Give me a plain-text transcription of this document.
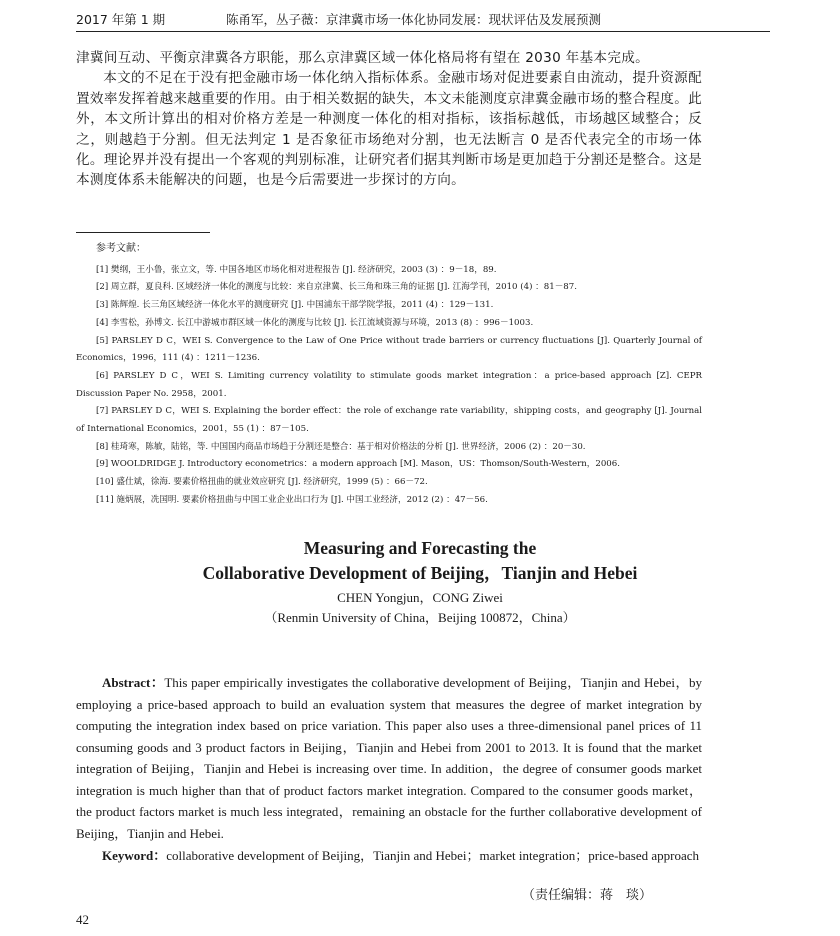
2017 年第 1 期	陈甬军，丛子薇：京津冀市场一体化协同发展：现状评估及发展预测

津冀间互动、平衡京津冀各方职能，那么京津冀区域一体化格局将有望在 2030 年基本完成。

本文的不足在于没有把金融市场一体化纳入指标体系。金融市场对促进要素自由流动，提升资源配置效率发挥着越来越重要的作用。由于相关数据的缺失，本文未能测度京津冀金融市场的整合程度。此外，本文所计算出的相对价格方差是一种测度一体化的相对指标，该指标越低，市场越区域整合；反之，则越趋于分割。但无法判定 1 是否象征市场绝对分割，也无法断言 0 是否代表完全的市场一体化。理论界并没有提出一个客观的判别标准，让研究者们据其判断市场是更加趋于分割还是整合。这是本测度体系未能解决的问题，也是今后需要进一步探讨的方向。

参考文献：

[1] 樊纲，王小鲁，张立文，等. 中国各地区市场化相对进程报告 [J]. 经济研究，2003 (3) ：9－18，89.

[2] 周立群，夏良科. 区域经济一体化的测度与比较：来自京津冀、长三角和珠三角的证据 [J]. 江海学刊，2010 (4) ：81－87.

[3] 陈辉煌. 长三角区域经济一体化水平的测度研究 [J]. 中国浦东干部学院学报，2011 (4) ：129－131.

[4] 李雪松，孙博文. 长江中游城市群区域一体化的测度与比较 [J]. 长江流域资源与环境，2013 (8) ：996－1003.

[5] PARSLEY D C，WEI S. Convergence to the Law of One Price without trade barriers or currency fluctuations [J]. Quarterly Journal of Economics，1996，111 (4) ：1211－1236.

[6] PARSLEY D C，WEI S. Limiting currency volatility to stimulate goods market integration：a price-based approach [Z]. CEPR Discussion Paper No. 2958，2001.

[7] PARSLEY D C，WEI S. Explaining the border effect：the role of exchange rate variability，shipping costs，and geography [J]. Journal of International Economics，2001，55 (1) ：87－105.

[8] 桂琦寒，陈敏，陆铭，等. 中国国内商品市场趋于分割还是整合：基于相对价格法的分析 [J]. 世界经济，2006 (2) ：20－30.

[9] WOOLDRIDGE J. Introductory econometrics：a modern approach [M]. Mason，US：Thomson/South-Western，2006.

[10] 盛仕斌，徐海. 要素价格扭曲的就业效应研究 [J]. 经济研究，1999 (5) ：66－72.

[11] 施炳展，冼国明. 要素价格扭曲与中国工业企业出口行为 [J]. 中国工业经济，2012 (2) ：47－56.

Measuring and Forecasting the
Collaborative Development of Beijing，Tianjin and Hebei
CHEN Yongjun，CONG Ziwei
（Renmin University of China，Beijing 100872，China）

Abstract：This paper empirically investigates the collaborative development of Beijing，Tianjin and Hebei，by employing a price-based approach to build an evaluation system that measures the degree of market integration by computing the integration index based on price variation. This paper also uses a three-dimensional panel prices of 11 consuming goods and 3 product factors in Beijing，Tianjin and Hebei from 2001 to 2013. It is found that the market integration of Beijing，Tianjin and Hebei is increasing over time. In addition，the degree of consumer goods market integration is much higher than that of product factors market integration. Compared to the consumer goods market，the product factors market is much less integrated，remaining an obstacle for the further collaborative development of Beijing，Tianjin and Hebei.

Keyword：collaborative development of Beijing，Tianjin and Hebei；market integration；price-based approach

（责任编辑：蒋　琰）
42
